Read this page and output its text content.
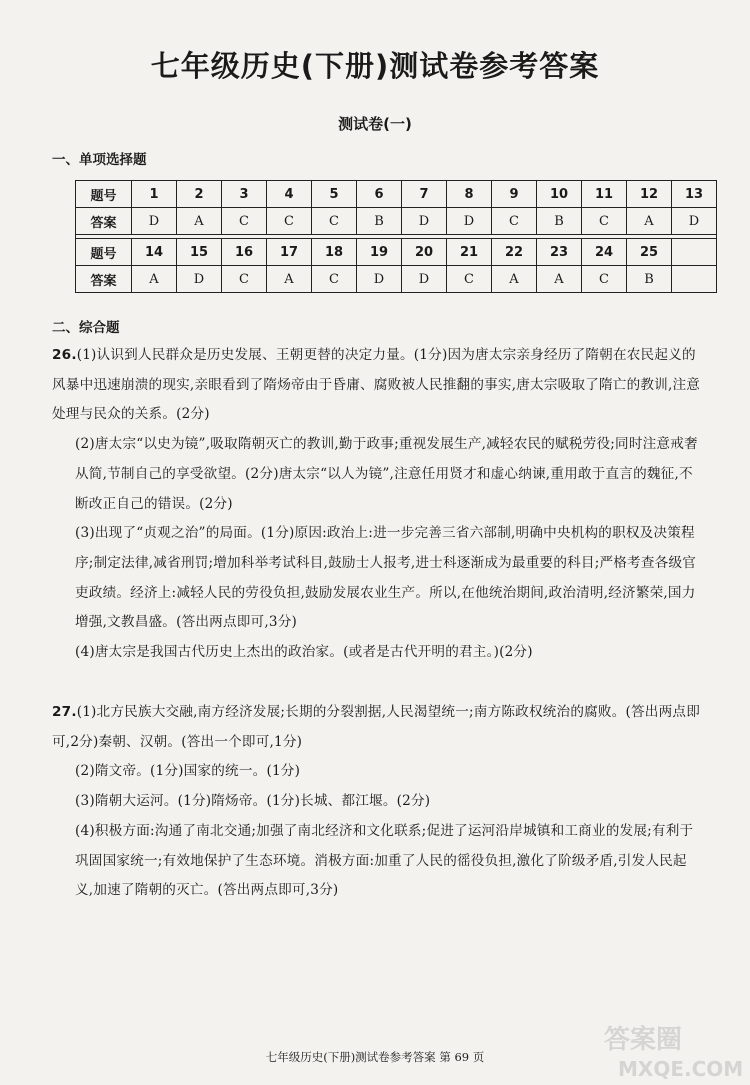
七年级历史(下册)测试卷参考答案
测试卷(一)
一、单项选择题
题号	1	2	3	4	5	6	7	8	9	10	11	12	13
答案	D	A	C	C	C	B	D	D	C	B	C	A	D

题号	14	15	16	17	18	19	20	21	22	23	24	25	
答案	A	D	C	A	C	D	D	C	A	A	C	B	
二、综合题

26.(1)认识到人民群众是历史发展、王朝更替的决定力量。(1分)因为唐太宗亲身经历了隋朝在农民起义的风暴中迅速崩溃的现实,亲眼看到了隋炀帝由于昏庸、腐败被人民推翻的事实,唐太宗吸取了隋亡的教训,注意处理与民众的关系。(2分)

(2)唐太宗“以史为镜”,吸取隋朝灭亡的教训,勤于政事;重视发展生产,减轻农民的赋税劳役;同时注意戒奢从简,节制自己的享受欲望。(2分)唐太宗“以人为镜”,注意任用贤才和虚心纳谏,重用敢于直言的魏征,不断改正自己的错误。(2分)

(3)出现了“贞观之治”的局面。(1分)原因:政治上:进一步完善三省六部制,明确中央机构的职权及决策程序;制定法律,减省刑罚;增加科举考试科目,鼓励士人报考,进士科逐渐成为最重要的科目;严格考查各级官吏政绩。经济上:减轻人民的劳役负担,鼓励发展农业生产。所以,在他统治期间,政治清明,经济繁荣,国力增强,文教昌盛。(答出两点即可,3分)

(4)唐太宗是我国古代历史上杰出的政治家。(或者是古代开明的君主。)(2分)

27.(1)北方民族大交融,南方经济发展;长期的分裂割据,人民渴望统一;南方陈政权统治的腐败。(答出两点即可,2分)秦朝、汉朝。(答出一个即可,1分)

(2)隋文帝。(1分)国家的统一。(1分)

(3)隋朝大运河。(1分)隋炀帝。(1分)长城、都江堰。(2分)

(4)积极方面:沟通了南北交通;加强了南北经济和文化联系;促进了运河沿岸城镇和工商业的发展;有利于巩固国家统一;有效地保护了生态环境。消极方面:加重了人民的徭役负担,激化了阶级矛盾,引发人民起义,加速了隋朝的灭亡。(答出两点即可,3分)

七年级历史(下册)测试卷参考答案 第 69 页
答案圈
MXQE.COM
